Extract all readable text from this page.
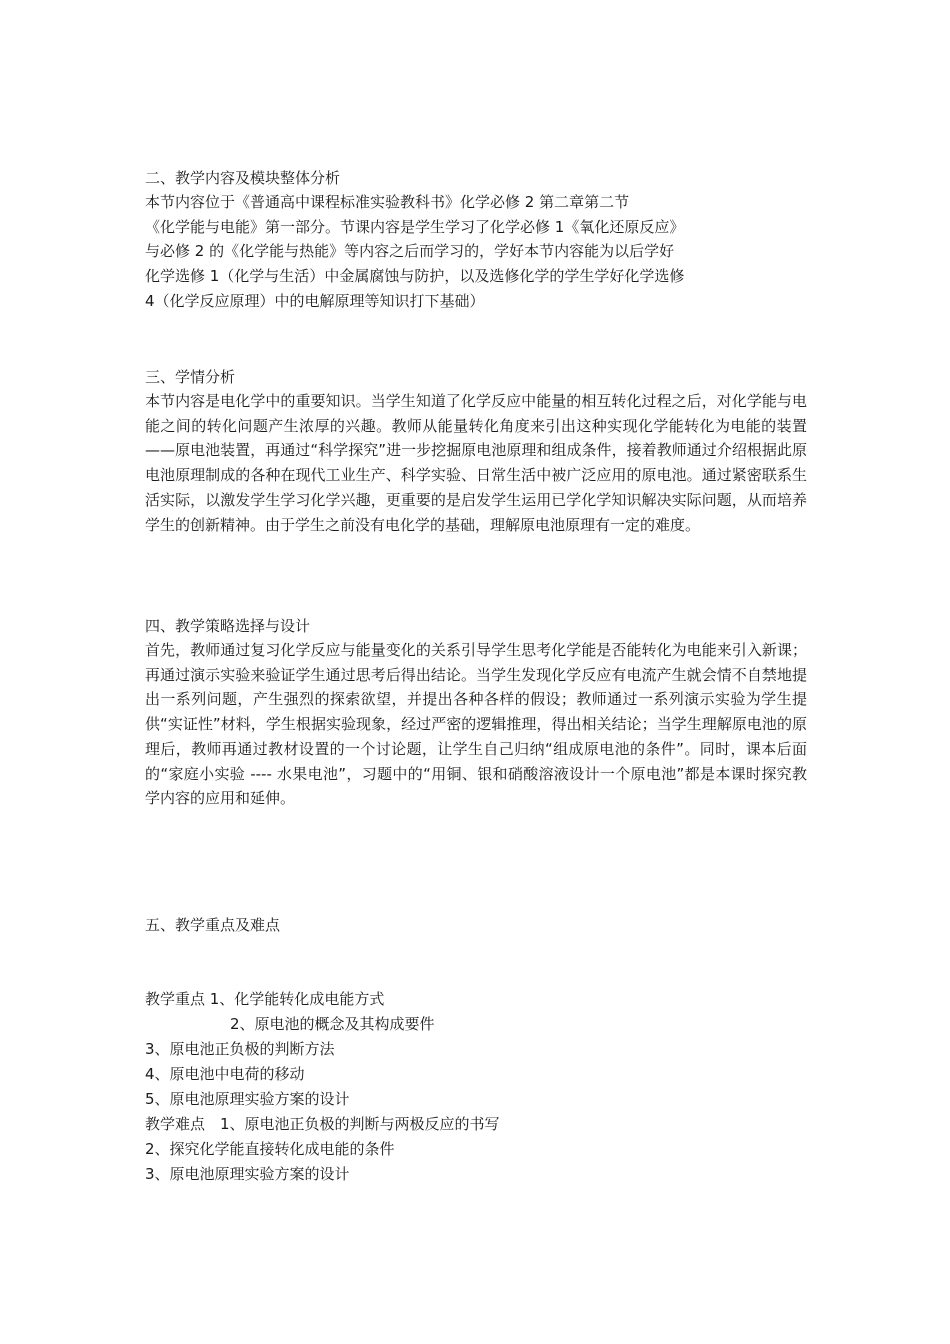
二、教学内容及模块整体分析
本节内容位于《普通高中课程标准实验教科书》化学必修 2 第二章第二节
《化学能与电能》第一部分。节课内容是学生学习了化学必修 1《氧化还原反应》
与必修 2 的《化学能与热能》等内容之后而学习的，学好本节内容能为以后学好
化学选修 1（化学与生活）中金属腐蚀与防护，以及选修化学的学生学好化学选修
4（化学反应原理）中的电解原理等知识打下基础）
三、学情分析
本节内容是电化学中的重要知识。当学生知道了化学反应中能量的相互转化过程之后，对化学能与电能之间的转化问题产生浓厚的兴趣。教师从能量转化角度来引出这种实现化学能转化为电能的装置——原电池装置，再通过“科学探究”进一步挖掘原电池原理和组成条件，接着教师通过介绍根据此原电池原理制成的各种在现代工业生产、科学实验、日常生活中被广泛应用的原电池。通过紧密联系生活实际，以激发学生学习化学兴趣，更重要的是启发学生运用已学化学知识解决实际问题，从而培养学生的创新精神。由于学生之前没有电化学的基础，理解原电池原理有一定的难度。
四、教学策略选择与设计
首先，教师通过复习化学反应与能量变化的关系引导学生思考化学能是否能转化为电能来引入新课；再通过演示实验来验证学生通过思考后得出结论。当学生发现化学反应有电流产生就会情不自禁地提出一系列问题，产生强烈的探索欲望，并提出各种各样的假设；教师通过一系列演示实验为学生提供“实证性”材料，学生根据实验现象，经过严密的逻辑推理，得出相关结论；当学生理解原电池的原理后，教师再通过教材设置的一个讨论题，让学生自己归纳“组成原电池的条件”。同时，课本后面的“家庭小实验 ---- 水果电池”，习题中的“用铜、银和硝酸溶液设计一个原电池”都是本课时探究教学内容的应用和延伸。
五、教学重点及难点
教学重点 1、化学能转化成电能方式
2、原电池的概念及其构成要件
3、原电池正负极的判断方法
4、原电池中电荷的移动
5、原电池原理实验方案的设计
教学难点　1、原电池正负极的判断与两极反应的书写
2、探究化学能直接转化成电能的条件
3、原电池原理实验方案的设计
